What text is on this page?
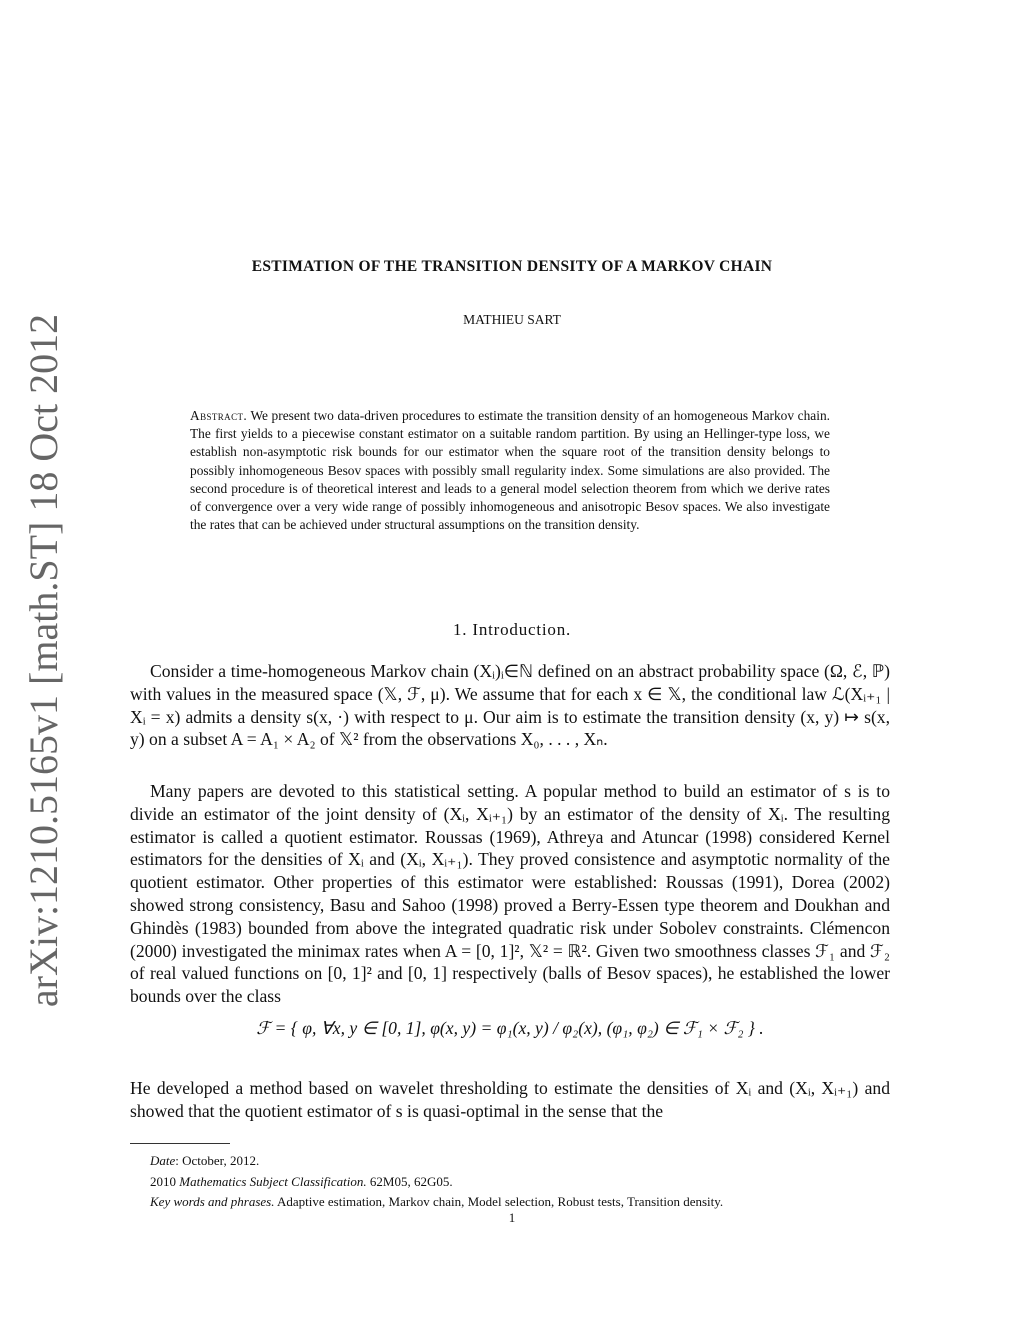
arXiv:1210.5165v1 [math.ST] 18 Oct 2012
ESTIMATION OF THE TRANSITION DENSITY OF A MARKOV CHAIN
MATHIEU SART
Abstract. We present two data-driven procedures to estimate the transition density of an homogeneous Markov chain. The first yields to a piecewise constant estimator on a suitable random partition. By using an Hellinger-type loss, we establish non-asymptotic risk bounds for our estimator when the square root of the transition density belongs to possibly inhomogeneous Besov spaces with possibly small regularity index. Some simulations are also provided. The second procedure is of theoretical interest and leads to a general model selection theorem from which we derive rates of convergence over a very wide range of possibly inhomogeneous and anisotropic Besov spaces. We also investigate the rates that can be achieved under structural assumptions on the transition density.
1. Introduction.

Consider a time-homogeneous Markov chain (Xᵢ)ᵢ∈ℕ defined on an abstract probability space (Ω, ℰ, ℙ) with values in the measured space (𝕏, ℱ, μ). We assume that for each x ∈ 𝕏, the conditional law ℒ(Xᵢ₊₁ | Xᵢ = x) admits a density s(x, ·) with respect to μ. Our aim is to estimate the transition density (x, y) ↦ s(x, y) on a subset A = A₁ × A₂ of 𝕏² from the observations X₀, . . . , Xₙ.

Many papers are devoted to this statistical setting. A popular method to build an estimator of s is to divide an estimator of the joint density of (Xᵢ, Xᵢ₊₁) by an estimator of the density of Xᵢ. The resulting estimator is called a quotient estimator. Roussas (1969), Athreya and Atuncar (1998) considered Kernel estimators for the densities of Xᵢ and (Xᵢ, Xᵢ₊₁). They proved consistence and asymptotic normality of the quotient estimator. Other properties of this estimator were established: Roussas (1991), Dorea (2002) showed strong consistency, Basu and Sahoo (1998) proved a Berry-Essen type theorem and Doukhan and Ghindès (1983) bounded from above the integrated quadratic risk under Sobolev constraints. Clémencon (2000) investigated the minimax rates when A = [0, 1]², 𝕏² = ℝ². Given two smoothness classes ℱ₁ and ℱ₂ of real valued functions on [0, 1]² and [0, 1] respectively (balls of Besov spaces), he established the lower bounds over the class

ℱ = { φ, ∀x, y ∈ [0, 1], φ(x, y) = φ₁(x, y) / φ₂(x), (φ₁, φ₂) ∈ ℱ₁ × ℱ₂ } .

He developed a method based on wavelet thresholding to estimate the densities of Xᵢ and (Xᵢ, Xᵢ₊₁) and showed that the quotient estimator of s is quasi-optimal in the sense that the

Date: October, 2012.
2010 Mathematics Subject Classification. 62M05, 62G05.
Key words and phrases. Adaptive estimation, Markov chain, Model selection, Robust tests, Transition density.
1
